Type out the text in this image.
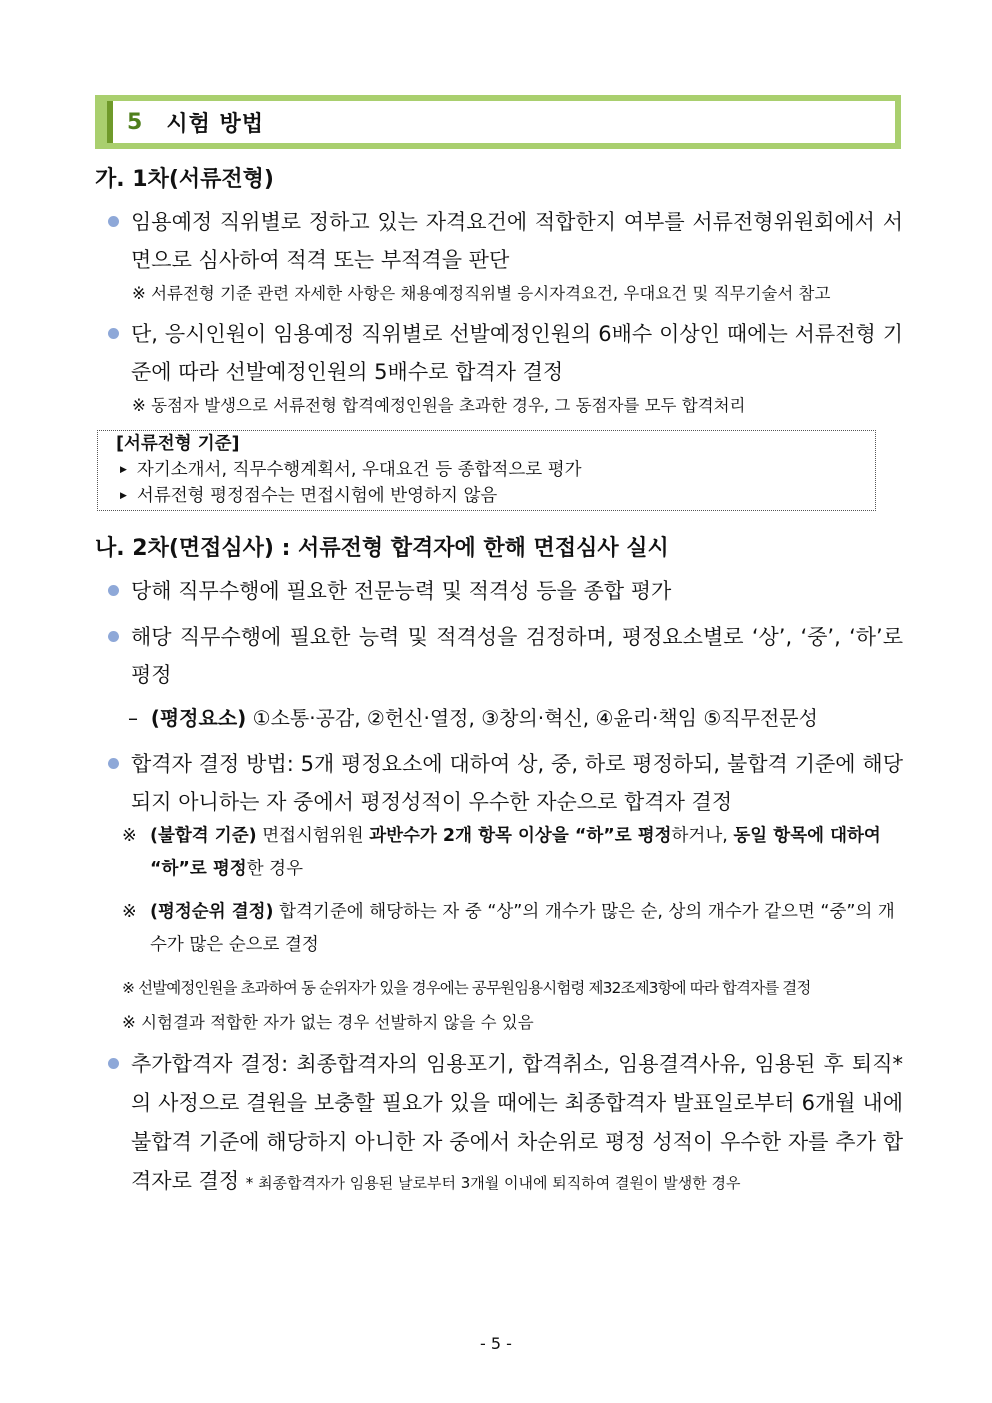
5 시험 방법
가. 1차(서류전형)
임용예정 직위별로 정하고 있는 자격요건에 적합한지 여부를 서류전형위원회에서 서면으로 심사하여 적격 또는 부적격을 판단
※ 서류전형 기준 관련 자세한 사항은 채용예정직위별 응시자격요건, 우대요건 및 직무기술서 참고
단, 응시인원이 임용예정 직위별로 선발예정인원의 6배수 이상인 때에는 서류전형 기준에 따라 선발예정인원의 5배수로 합격자 결정
※ 동점자 발생으로 서류전형 합격예정인원을 초과한 경우, 그 동점자를 모두 합격처리
[서류전형 기준]
▶ 자기소개서, 직무수행계획서, 우대요건 등 종합적으로 평가
▶ 서류전형 평정점수는 면접시험에 반영하지 않음
나. 2차(면접심사) : 서류전형 합격자에 한해 면접심사 실시
당해 직무수행에 필요한 전문능력 및 적격성 등을 종합 평가
해당 직무수행에 필요한 능력 및 적격성을 검정하며, 평정요소별로 ‘상’, ‘중’, ‘하’로 평정
–  (평정요소) ①소통·공감, ②헌신·열정, ③창의·혁신, ④윤리·책임 ⑤직무전문성
합격자 결정 방법: 5개 평정요소에 대하여 상, 중, 하로 평정하되, 불합격 기준에 해당되지 아니하는 자 중에서 평정성적이 우수한 자순으로 합격자 결정
※ (불합격 기준) 면접시험위원 과반수가 2개 항목 이상을 “하”로 평정하거나, 동일 항목에 대하여 “하”로 평정한 경우
※ (평정순위 결정) 합격기준에 해당하는 자 중 “상”의 개수가 많은 순, 상의 개수가 같으면 “중”의 개수가 많은 순으로 결정
※ 선발예정인원을 초과하여 동 순위자가 있을 경우에는 공무원임용시험령 제32조제3항에 따라 합격자를 결정
※ 시험결과 적합한 자가 없는 경우 선발하지 않을 수 있음
추가합격자 결정: 최종합격자의 임용포기, 합격취소, 임용결격사유, 임용된 후 퇴직*의 사정으로 결원을 보충할 필요가 있을 때에는 최종합격자 발표일로부터 6개월 내에 불합격 기준에 해당하지 아니한 자 중에서 차순위로 평정 성적이 우수한 자를 추가 합격자로 결정 * 최종합격자가 임용된 날로부터 3개월 이내에 퇴직하여 결원이 발생한 경우
- 5 -
